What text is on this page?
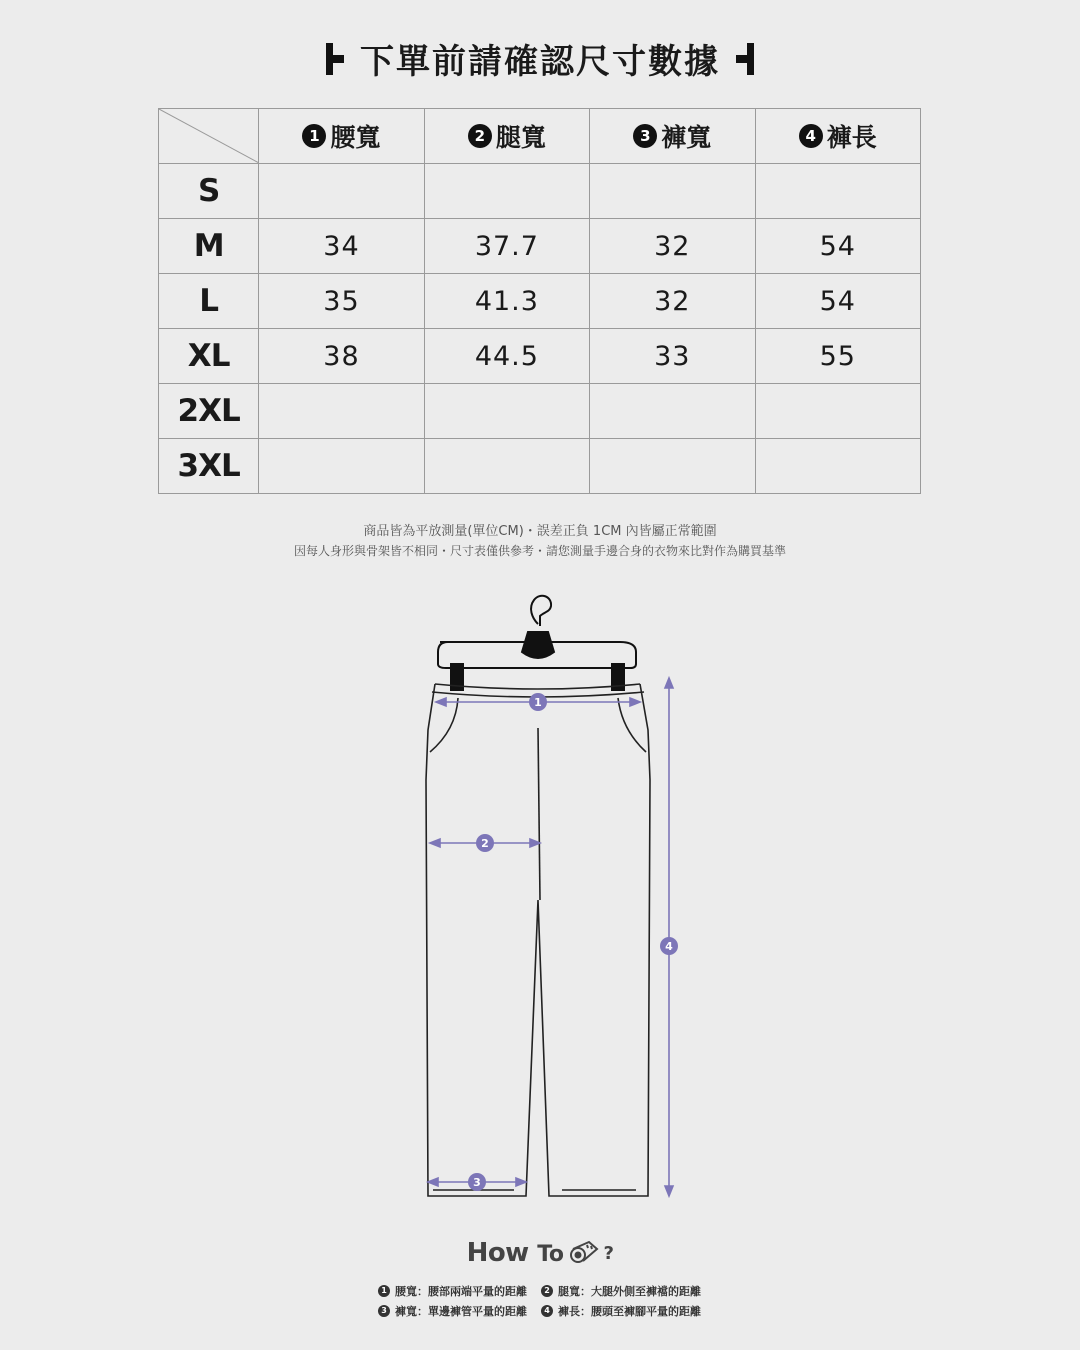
下單前請確認尺寸數據
	1 腰寬	2 腿寬	3 褲寬	4 褲長
S				
M	34	37.7	32	54
L	35	41.3	32	54
XL	38	44.5	33	55
2XL				
3XL				
商品皆為平放測量(單位CM)・誤差正負 1CM 內皆屬正常範圍
因每人身形與骨架皆不相同・尺寸表僅供參考・請您測量手邊合身的衣物來比對作為購買基準
1
2
3
4
How To ?
1 腰寬：腰部兩端平量的距離	2 腿寬：大腿外側至褲襠的距離
3 褲寬：單邊褲管平量的距離	4 褲長：腰頭至褲腳平量的距離
